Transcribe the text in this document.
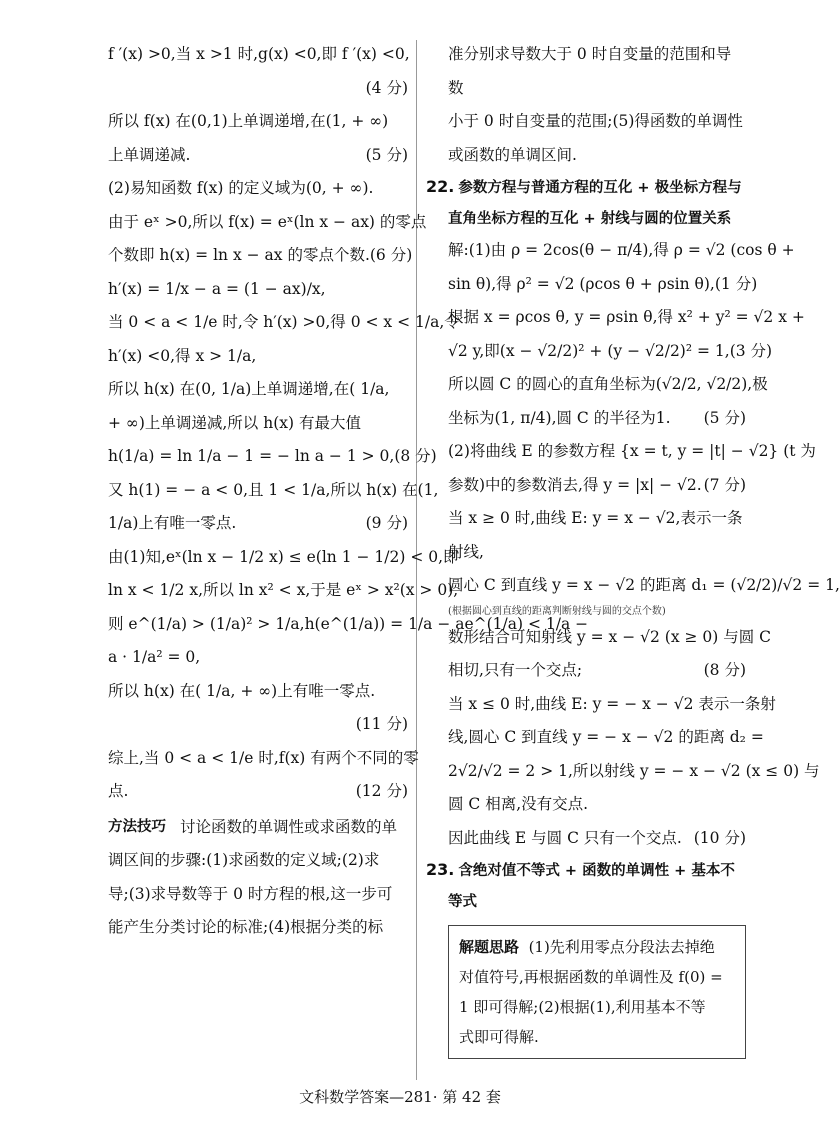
f ′(x) >0,当 x >1 时,g(x) <0,即 f ′(x) <0,
(4 分)
所以 f(x) 在(0,1)上单调递增,在(1, + ∞)
上单调递减.	(5 分)
(2)易知函数 f(x) 的定义域为(0, + ∞).
由于 eˣ >0,所以 f(x) = eˣ(ln x − ax) 的零点
个数即 h(x) = ln x − ax 的零点个数. (6 分)
h′(x) = 1/x − a = (1 − ax)/x,
当 0 < a < 1/e 时,令 h′(x) >0,得 0 < x < 1/a,令
h′(x) <0,得 x > 1/a,
所以 h(x) 在(0, 1/a)上单调递增,在( 1/a,
+ ∞)上单调递减,所以 h(x) 有最大值
h(1/a) = ln 1/a − 1 = − ln a − 1 > 0, (8 分)
又 h(1) = − a < 0,且 1 < 1/a,所以 h(x) 在(1,
1/a)上有唯一零点.	(9 分)
由(1)知,eˣ(ln x − 1/2 x) ≤ e(ln 1 − 1/2) < 0,即
ln x < 1/2 x,所以 ln x² < x,于是 eˣ > x²(x > 0),
则 e^(1/a) > (1/a)² > 1/a,h(e^(1/a)) = 1/a − ae^(1/a) < 1/a −
a · 1/a² = 0,
所以 h(x) 在( 1/a, + ∞)上有唯一零点.
(11 分)
综上,当 0 < a < 1/e 时,f(x) 有两个不同的零
点.	(12 分)
方法技巧 讨论函数的单调性或求函数的单
调区间的步骤:(1)求函数的定义域;(2)求
导;(3)求导数等于 0 时方程的根,这一步可
能产生分类讨论的标准;(4)根据分类的标
准分别求导数大于 0 时自变量的范围和导数
小于 0 时自变量的范围;(5)得函数的单调性
或函数的单调区间.
22. 参数方程与普通方程的互化 + 极坐标方程与直角坐标方程的互化 + 射线与圆的位置关系
解:(1)由 ρ = 2cos(θ − π/4),得 ρ = √2 (cos θ +
sin θ),得 ρ² = √2 (ρcos θ + ρsin θ), (1 分)
根据 x = ρcos θ, y = ρsin θ,得 x² + y² = √2 x +
√2 y,即(x − √2/2)² + (y − √2/2)² = 1, (3 分)
所以圆 C 的圆心的直角坐标为(√2/2, √2/2),极
坐标为(1, π/4),圆 C 的半径为1. (5 分)
(2)将曲线 E 的参数方程 {x = t, y = |t| − √2} (t 为
参数)中的参数消去,得 y = |x| − √2. (7 分)
当 x ≥ 0 时,曲线 E: y = x − √2,表示一条
射线,
圆心 C 到直线 y = x − √2 的距离 d₁ = (√2/2)/√2 = 1,
(根据圆心到直线的距离判断射线与圆的交点个数)
数形结合可知射线 y = x − √2 (x ≥ 0) 与圆 C
相切,只有一个交点;	(8 分)
当 x ≤ 0 时,曲线 E: y = − x − √2 表示一条射
线,圆心 C 到直线 y = − x − √2 的距离 d₂ =
2√2/√2 = 2 > 1,所以射线 y = − x − √2 (x ≤ 0) 与
圆 C 相离,没有交点.
因此曲线 E 与圆 C 只有一个交点. (10 分)
23. 含绝对值不等式 + 函数的单调性 + 基本不等式
解题思路 (1)先利用零点分段法去掉绝
对值符号,再根据函数的单调性及 f(0) =
1 即可得解;(2)根据(1),利用基本不等
式即可得解.
文科数学答案—281· 第 42 套
